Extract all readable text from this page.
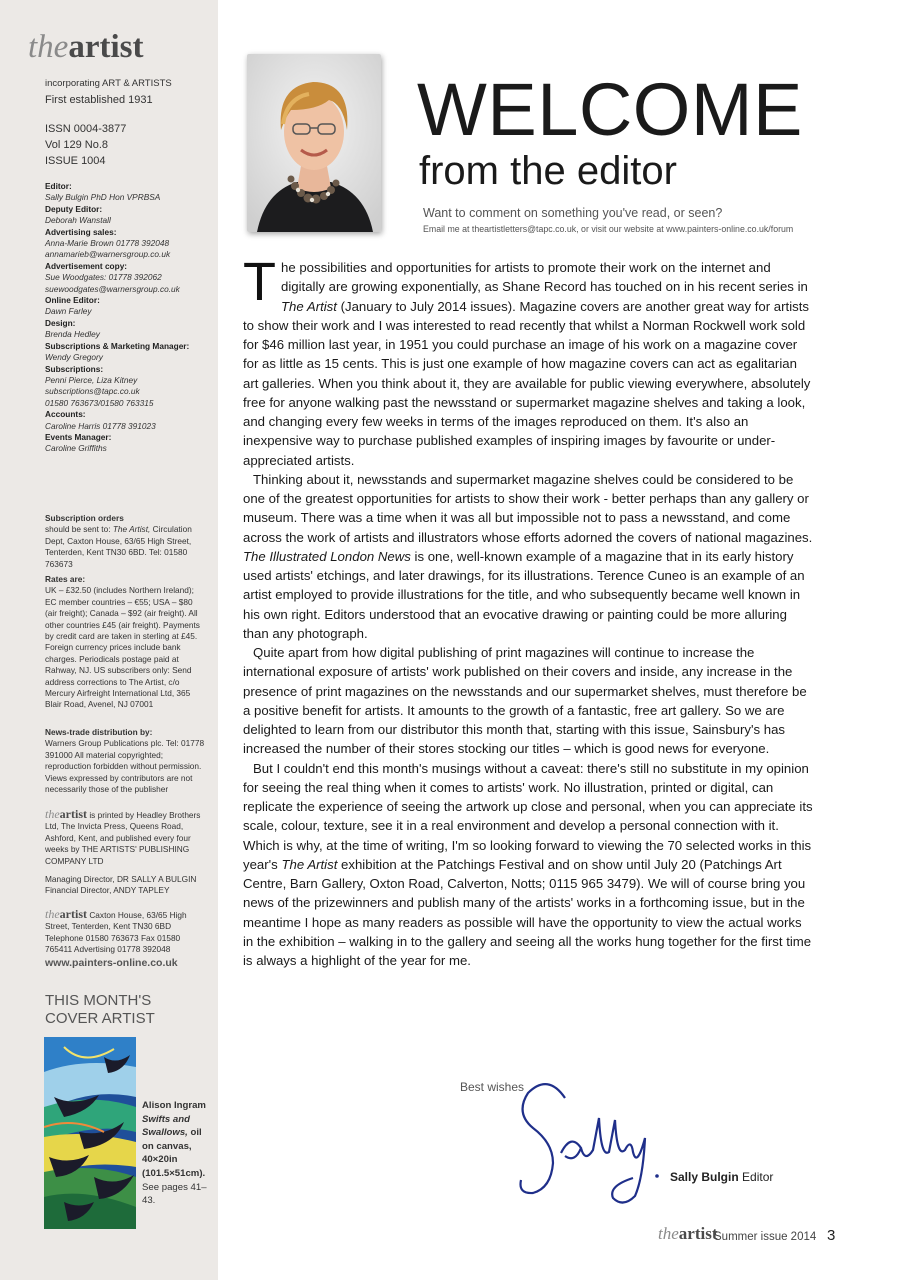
theartist
incorporating ART & ARTISTS
First established 1931
ISSN 0004-3877
Vol 129 No.8
ISSUE 1004
Editor:
Sally Bulgin PhD Hon VPRBSA
Deputy Editor:
Deborah Wanstall
Advertising sales:
Anna-Marie Brown 01778 392048
annamarieb@warnersgroup.co.uk
Advertisement copy:
Sue Woodgates: 01778 392062
suewoodgates@warnersgroup.co.uk
Online Editor:
Dawn Farley
Design:
Brenda Hedley
Subscriptions & Marketing Manager:
Wendy Gregory
Subscriptions:
Penni Pierce, Liza Kitney
subscriptions@tapc.co.uk
01580 763673/01580 763315
Accounts:
Caroline Harris 01778 391023
Events Manager:
Caroline Griffiths
Subscription orders
should be sent to: The Artist, Circulation Dept, Caxton House, 63/65 High Street, Tenterden, Kent TN30 6BD. Tel: 01580 763673
Rates are:
UK – £32.50 (includes Northern Ireland); EC member countries – €55; USA – $80 (air freight); Canada – $92 (air freight). All other countries £45 (air freight). Payments by credit card are taken in sterling at £45. Foreign currency prices include bank charges. Periodicals postage paid at Rahway, NJ. US subscribers only: Send address corrections to The Artist, c/o Mercury Airfreight International Ltd, 365 Blair Road, Avenel, NJ 07001
News-trade distribution by:
Warners Group Publications plc. Tel: 01778 391000 All material copyrighted; reproduction forbidden without permission. Views expressed by contributors are not necessarily those of the publisher
theartist is printed by Headley Brothers Ltd, The Invicta Press, Queens Road, Ashford, Kent, and published every four weeks by THE ARTISTS' PUBLISHING COMPANY LTD
Managing Director, DR SALLY A BULGIN
Financial Director, ANDY TAPLEY
theartist Caxton House, 63/65 High Street, Tenterden, Kent TN30 6BD Telephone 01580 763673 Fax 01580 765411 Advertising 01778 392048
www.painters-online.co.uk
THIS MONTH'S
COVER ARTIST
Alison Ingram
Swifts and Swallows, oil on canvas, 40×20in (101.5×51cm).
See pages 41–43.
WELCOME
from the editor
Want to comment on something you've read, or seen?
Email me at theartistletters@tapc.co.uk, or visit our website at www.painters-online.co.uk/forum

The possibilities and opportunities for artists to promote their work on the internet and digitally are growing exponentially, as Shane Record has touched on in his recent series in The Artist (January to July 2014 issues). Magazine covers are another great way for artists to show their work and I was interested to read recently that whilst a Norman Rockwell work sold for $46 million last year, in 1951 you could purchase an image of his work on a magazine cover for as little as 15 cents. This is just one example of how magazine covers can act as egalitarian art galleries. When you think about it, they are available for public viewing everywhere, absolutely free for anyone walking past the newsstand or supermarket magazine shelves and taking a look, and changing every few weeks in terms of the images reproduced on them. It's also an inexpensive way to purchase published examples of inspiring images by favourite or under-appreciated artists.

Thinking about it, newsstands and supermarket magazine shelves could be considered to be one of the greatest opportunities for artists to show their work - better perhaps than any gallery or museum. There was a time when it was all but impossible not to pass a newsstand, and come across the work of artists and illustrators whose efforts adorned the covers of national magazines. The Illustrated London News is one, well-known example of a magazine that in its early history used artists' etchings, and later drawings, for its illustrations. Terence Cuneo is an example of an artist employed to provide illustrations for the title, and who subsequently became well known in his own right. Editors understood that an evocative drawing or painting could be more alluring than any photograph.

Quite apart from how digital publishing of print magazines will continue to increase the international exposure of artists' work published on their covers and inside, any increase in the presence of print magazines on the newsstands and our supermarket shelves, must therefore be a positive benefit for artists. It amounts to the growth of a fantastic, free art gallery. So we are delighted to learn from our distributor this month that, starting with this issue, Sainsbury's has increased the number of their stores stocking our titles – which is good news for everyone.

But I couldn't end this month's musings without a caveat: there's still no substitute in my opinion for seeing the real thing when it comes to artists' work. No illustration, printed or digital, can replicate the experience of seeing the artwork up close and personal, when you can appreciate its scale, colour, texture, see it in a real environment and develop a personal connection with it. Which is why, at the time of writing, I'm so looking forward to viewing the 70 selected works in this year's The Artist exhibition at the Patchings Festival and on show until July 20 (Patchings Art Centre, Barn Gallery, Oxton Road, Calverton, Notts; 0115 965 3479). We will of course bring you news of the prizewinners and publish many of the artists' works in a forthcoming issue, but in the meantime I hope as many readers as possible will have the opportunity to view the actual works in the exhibition – walking in to the gallery and seeing all the works hung together for the first time is always a highlight of the year for me.

Best wishes
Sally Bulgin Editor
theartist
Summer issue 2014 3
